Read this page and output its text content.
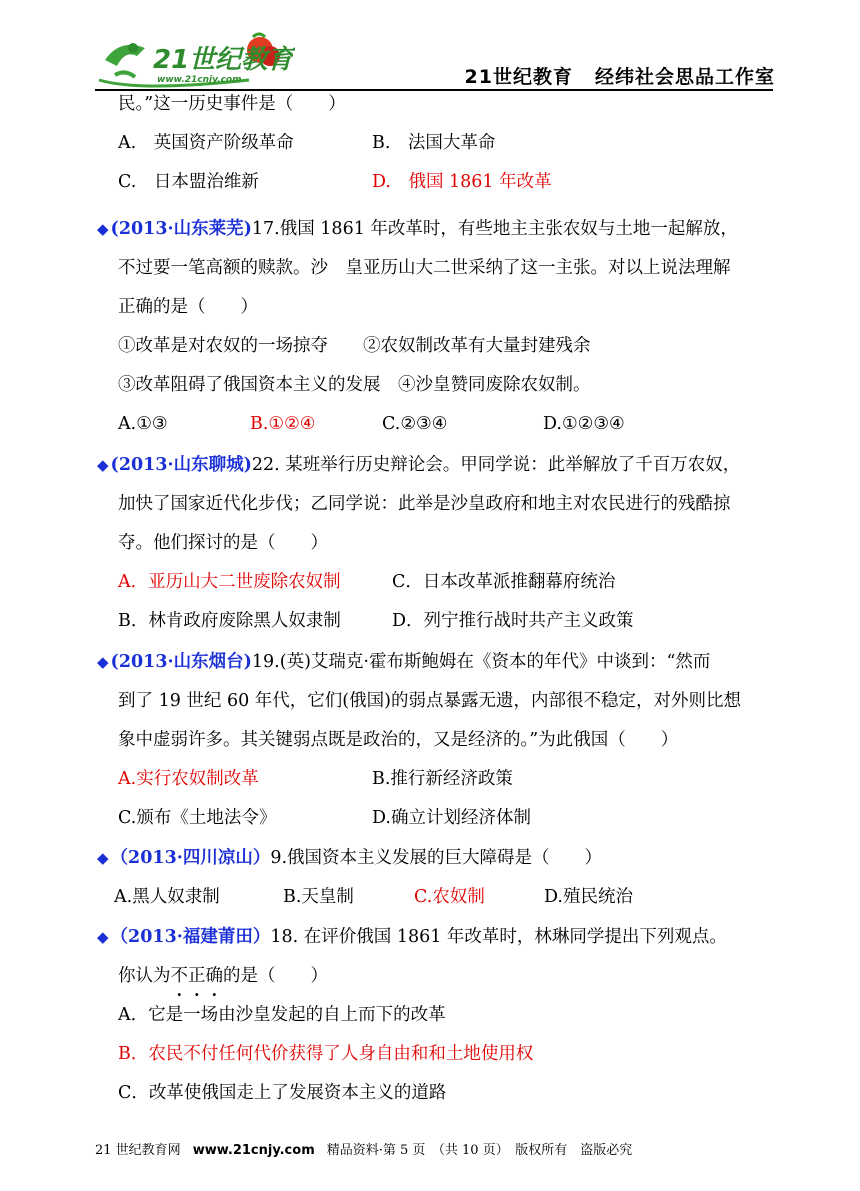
21世纪教育
www.21cnjy.com	21世纪教育 经纬社会思品工作室
民。”这一历史事件是（　　）
A.　英国资产阶级革命	B.　法国大革命
C.　日本盟治维新	D.　俄国 1861 年改革
◆ (2013·山东莱芜)17.俄国 1861 年改革时，有些地主主张农奴与土地一起解放，
不过要一笔高额的赎款。沙　皇亚历山大二世采纳了这一主张。对以上说法理解
正确的是（　　）
①改革是对农奴的一场掠夺　　②农奴制改革有大量封建残余
③改革阻碍了俄国资本主义的发展　④沙皇赞同废除农奴制。
A.①③	B.①②④	C.②③④	D.①②③④
◆ (2013·山东聊城)22. 某班举行历史辩论会。甲同学说：此举解放了千百万农奴，
加快了国家近代化步伐；乙同学说：此举是沙皇政府和地主对农民进行的残酷掠
夺。他们探讨的是（　　）
A．亚历山大二世废除农奴制	C．日本改革派推翻幕府统治
B．林肯政府废除黑人奴隶制	D．列宁推行战时共产主义政策
◆ (2013·山东烟台)19.(英)艾瑞克·霍布斯鲍姆在《资本的年代》中谈到：“然而
到了 19 世纪 60 年代，它们(俄国)的弱点暴露无遗，内部很不稳定，对外则比想
象中虚弱许多。其关键弱点既是政治的，又是经济的。”为此俄国（　　）
A.实行农奴制改革	B.推行新经济政策
C.颁布《土地法令》	D.确立计划经济体制
◆ （2013·四川凉山）9.俄国资本主义发展的巨大障碍是（　　）
A.黑人奴隶制	B.天皇制	C.农奴制	D.殖民统治
◆ （2013·福建莆田）18. 在评价俄国 1861 年改革时，林琳同学提出下列观点。
你认为不正确的是（　　）
A．它是一场由沙皇发起的自上而下的改革
B．农民不付任何代价获得了人身自由和和土地使用权
C．改革使俄国走上了发展资本主义的道路
21 世纪教育网 www.21cnjy.com 精品资料·第 5 页　（共 10 页）　版权所有　盗版必究
